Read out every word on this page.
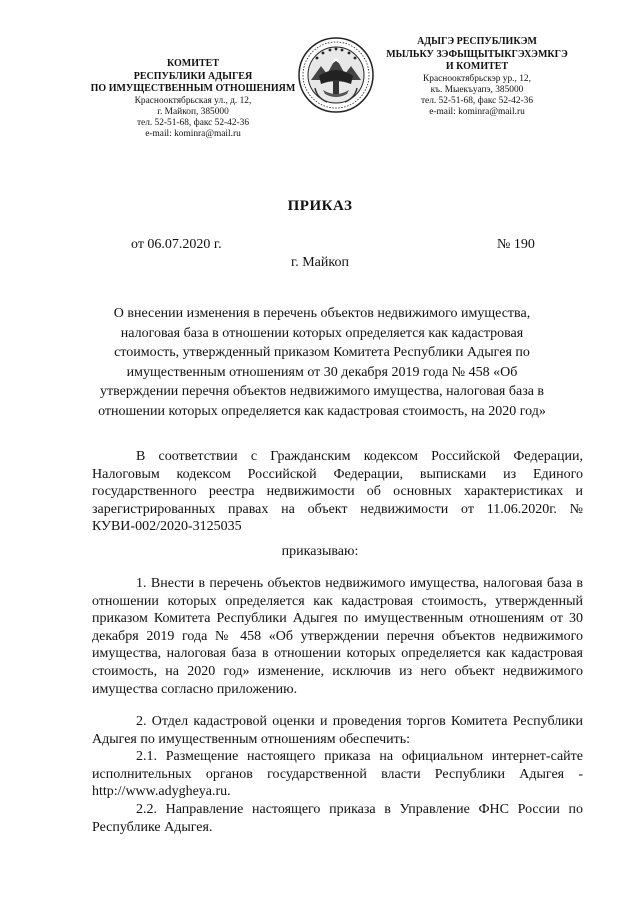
КОМИТЕТ
РЕСПУБЛИКИ АДЫГЕЯ
ПО ИМУЩЕСТВЕННЫМ ОТНОШЕНИЯМ
Краснооктябрьская ул., д. 12,
г. Майкоп, 385000
тел. 52-51-68, факс 52-42-36
e-mail: kominra@mail.ru
АДЫГЭ РЕСПУБЛИКЭМ
МЫЛЬКУ ЗЭФЫЩЫТЫКГЭХЭМКГЭ
И КОМИТЕТ
Краснооктябрьскэр ур., 12,
къ. Мыекъуапэ, 385000
тел. 52-51-68, факс 52-42-36
e-mail: kominra@mail.ru
ПРИКАЗ
от 06.07.2020 г.	№ 190
г. Майкоп
О внесении изменения в перечень объектов недвижимого имущества, налоговая база в отношении которых определяется как кадастровая стоимость, утвержденный приказом Комитета Республики Адыгея по имущественным отношениям от 30 декабря 2019 года № 458 «Об утверждении перечня объектов недвижимого имущества, налоговая база в отношении которых определяется как кадастровая стоимость, на 2020 год»
В соответствии с Гражданским кодексом Российской Федерации, Налоговым кодексом Российской Федерации, выписками из Единого государственного реестра недвижимости об основных характеристиках и зарегистрированных правах на объект недвижимости от 11.06.2020г. № КУВИ-002/2020-3125035
приказываю:
1. Внести в перечень объектов недвижимого имущества, налоговая база в отношении которых определяется как кадастровая стоимость, утвержденный приказом Комитета Республики Адыгея по имущественным отношениям от 30 декабря 2019 года № 458 «Об утверждении перечня объектов недвижимого имущества, налоговая база в отношении которых определяется как кадастровая стоимость, на 2020 год» изменение, исключив из него объект недвижимого имущества согласно приложению.
2. Отдел кадастровой оценки и проведения торгов Комитета Республики Адыгея по имущественным отношениям обеспечить:
2.1. Размещение настоящего приказа на официальном интернет-сайте исполнительных органов государственной власти Республики Адыгея - http://www.adygheya.ru.
2.2. Направление настоящего приказа в Управление ФНС России по Республике Адыгея.
